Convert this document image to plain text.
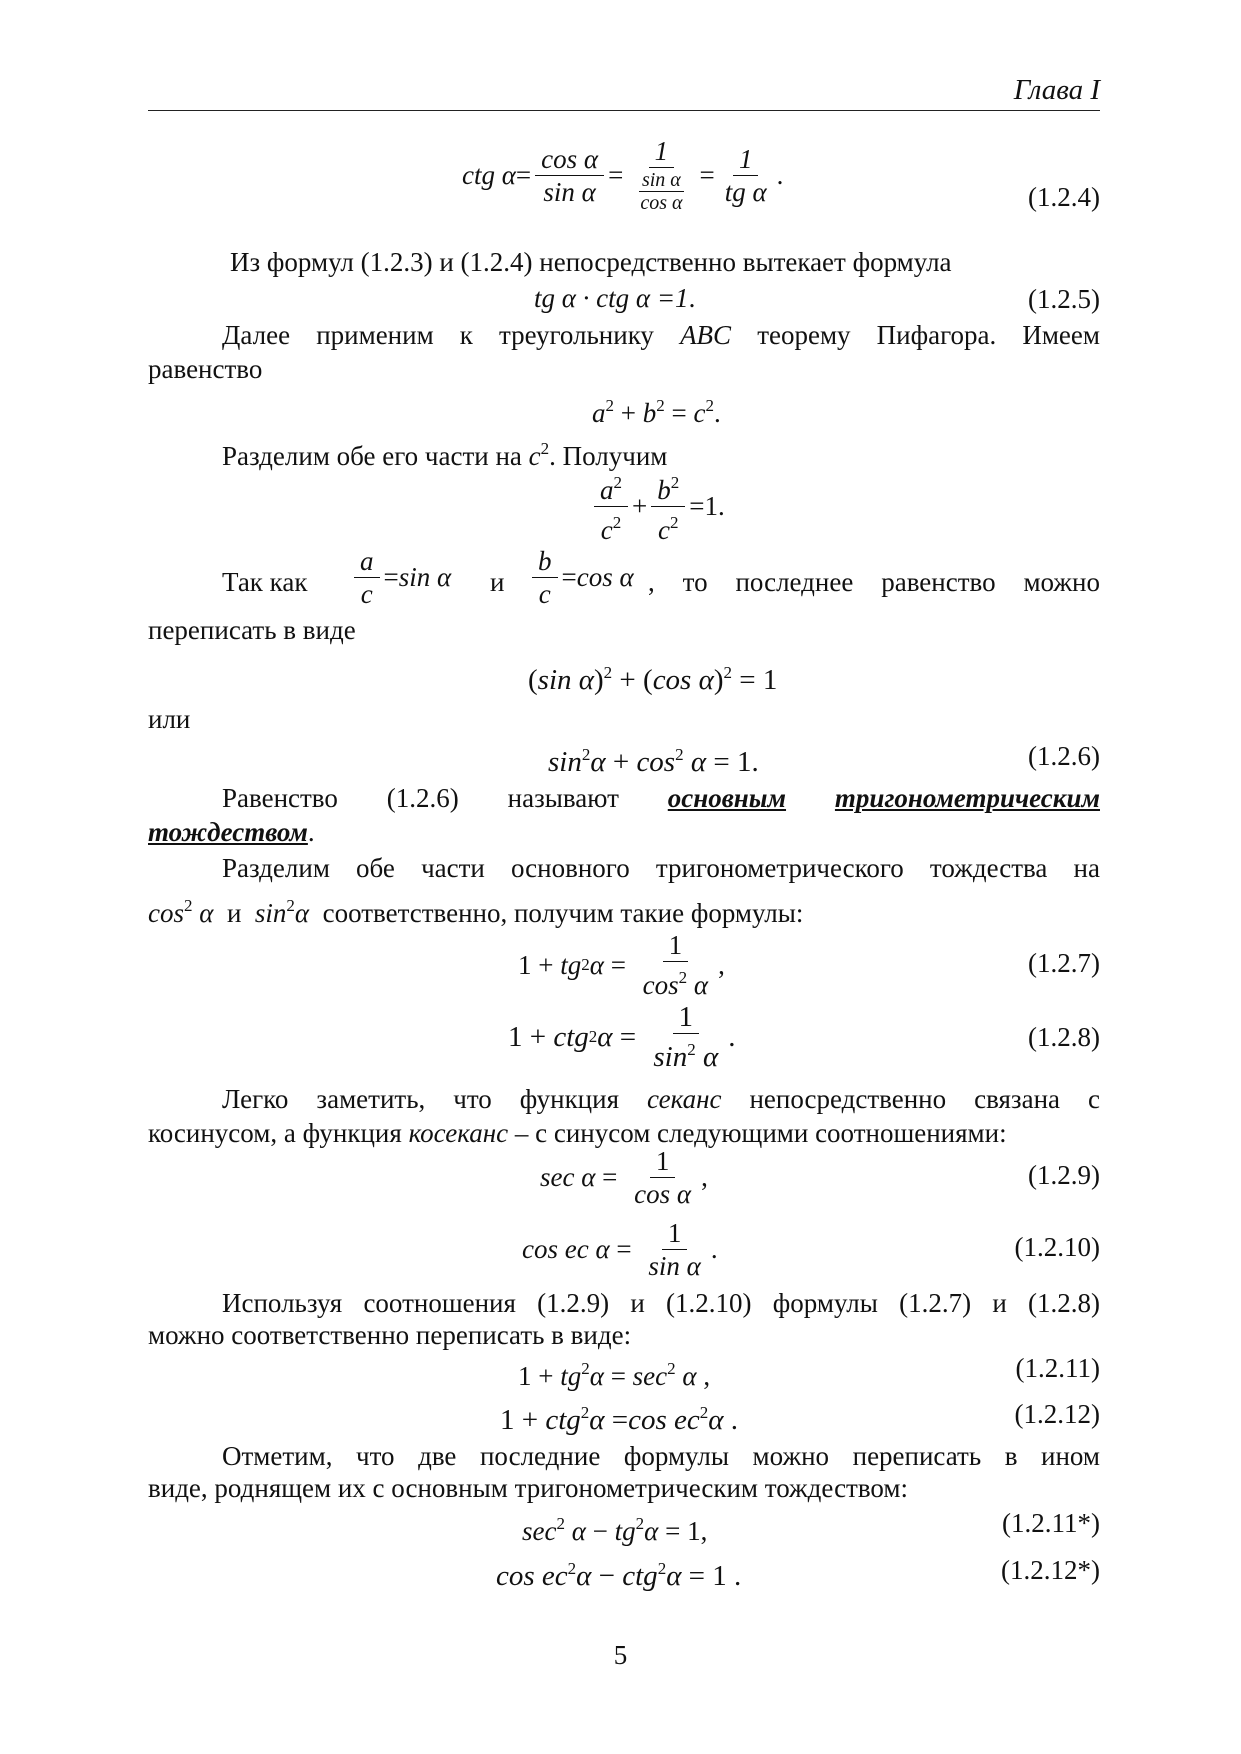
Глава I
ctg $\alpha = \frac{\text{cos α}}{\text{sin α}} = \frac{1}{\frac{\text{sin α}}{\text{cos α}}} = \frac{1}{\text{tg α}}$ .
(1.2.4)
Из формул (1.2.3) и (1.2.4) непосредственно вытекает формула
tg α · ctg α =1.	(1.2.5)
Далее применим к треугольнику ABC теорему Пифагора. Имеем
равенство
$a^2 + b^2 = c^2$.
Разделим обе его части на $c^2$. Получим
$\frac{a^2}{c^2} + \frac{b^2}{c^2} = 1$ .
Так как $\frac{a}{c} = \sin \alpha$ и $\frac{b}{c} = \cos \alpha$ , то последнее равенство можно
переписать в виде
(sin α)$^2$ + (cos α)$^2$ = 1
или
$\sin^2\alpha + \cos^2 \alpha = 1$.	(1.2.6)
Равенство (1.2.6) называют основным тригонометрическим
тождеством.
Разделим обе части основного тригонометрического тождества на
$\cos^2 \alpha$ и $\sin^2\alpha$ соответственно, получим такие формулы:
1 + tg 2 $\alpha = \frac{1}{\cos^2 \alpha}$ ,	(1.2.7)
1 + ctg 2 $\alpha = \frac{1}{\sin^2 \alpha}$ .	(1.2.8)
Легко заметить, что функция секанс непосредственно связана с
косинусом, а функция косеканс – с синусом следующими соотношениями:
$\sec \alpha = \frac{1}{\text{cos α}}$ ,	(1.2.9)
cos ec $\alpha = \frac{1}{\text{sin α}}$ .	(1.2.10)
Используя соотношения (1.2.9) и (1.2.10) формулы (1.2.7) и (1.2.8)
можно соответственно переписать в виде:
$1 + tg^2\alpha = \sec^2 \alpha$ ,	(1.2.11)
1 + ctg$^2$α =cos $ec^2\alpha$ .	(1.2.12)
Отметим, что две последние формулы можно переписать в ином
виде, роднящем их с основным тригонометрическим тождеством:
$\sec^2 \alpha - tg^2\alpha = 1$,	(1.2.11*)
$\cos ec^2\alpha - ctg^2\alpha = 1$ .	(1.2.12*)
5
